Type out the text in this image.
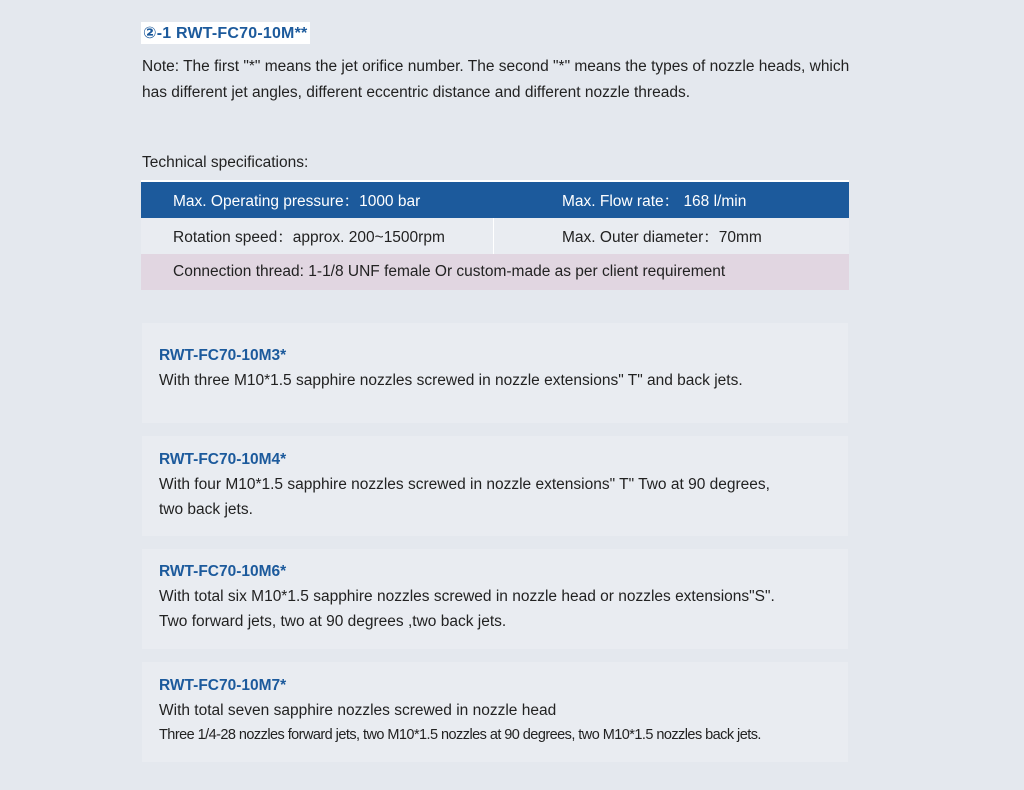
②-1 RWT-FC70-10M**
Note: The first "*" means the jet orifice number. The second "*" means the types of nozzle heads, which has different jet angles, different eccentric distance and different nozzle threads.
Technical specifications:
Max. Operating pressure：1000 bar	Max. Flow rate： 168 l/min
Rotation speed：approx. 200~1500rpm	Max. Outer diameter：70mm
Connection thread: 1-1/8 UNF female Or custom-made as per client requirement
RWT-FC70-10M3*
With three M10*1.5 sapphire nozzles screwed in nozzle extensions" T" and back jets.
RWT-FC70-10M4*
With four M10*1.5 sapphire nozzles screwed in nozzle extensions" T" Two at 90 degrees,
two back jets.
RWT-FC70-10M6*
With total six M10*1.5 sapphire nozzles screwed in nozzle head or nozzles extensions"S".
Two forward jets, two at 90 degrees ,two back jets.
RWT-FC70-10M7*
With total seven sapphire nozzles screwed in nozzle head
Three 1/4-28 nozzles forward jets, two M10*1.5 nozzles at 90 degrees, two M10*1.5 nozzles back jets.
